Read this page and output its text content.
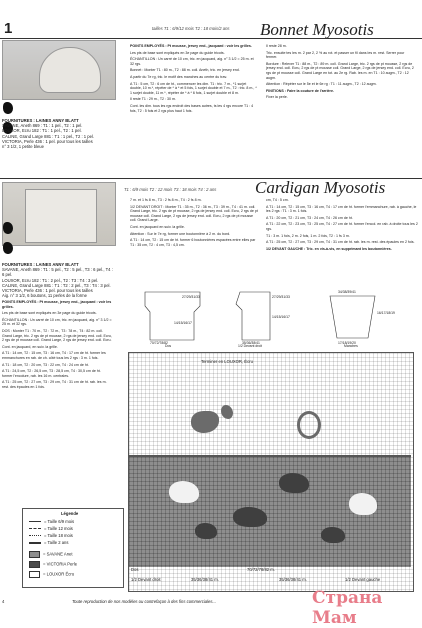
1	tailles T1 : 6/9/12 mois T2 : 18 mois/2 ans Bonnet Myosotis
FOURNITURES : LAINES ANNY BLATT
SAVANE, Aneth 869 : T1 : 1 pel., T2 : 1 pel.
LOUXOR, Ecru 182 : T1 : 1 pel., T2 : 1 pel.
CALINE, Grand Large 881 : T1 : 1 pel., T2 : 1 pel.
VICTORIA, Perle 436 : 1 pel. pour tous les tailles
n° 3 1/2, 1 petite bleue

POINTS EMPLOYÉS : Pt mousse, jersey end., jacquard : voir les grilles.

Les pts de base sont expliqués en 3e page du guide tricots.

ÉCHANTILLON : Un carré de 10 cm, tric. en jacquard, aig. n° 3 1/2 = 25 m. et 32 rgs.

Bonnet : Monter T1 : 80 m., T2 : 88 m. coll. Aneth, tric. en jersey end.

A partir du 7e rg, tric. le motif des manches au centre du trav.

A T1 : 5 cm, T2 : 6 cm de ht., commencer les dim. T1 : tric. 7 m., *1 surjet double, 10 m.*, répéter de * à * et 5 fois, 1 surjet double et 7 m., T2 : tric. 8 m., * 1 surjet double, 11 m.*, répéter de * à * 6 fois, 1 surjet double et 8 m.

Il reste T1 : 29 m., T2 : 30 m.

Cont. les dim. tous les rgs endroit des bases autres, ts les 4 rgs encore T1 : 4 fois, T2 : 5 fois et 2 rgs plus haut 1 fois.

Il reste 28 m.

Tric. ensuite tes les m. 2 par 2, 2 % au rot. et passer un fil dans les m. rest. Serrer pour fermer.

Bordure : Relever T1 : 88 m., T2 : 89 m. coll. Grand Large, tric. 2 rgs de pt mousse, 2 rgs de jersey end. coll. Ecru, 2 rgs de pt mousse coll. Grand Large, 2 rgs de jersey end. coll. Ecru, 2 rgs de pt mousse coll. Grand Large en tot. au 2e rg. Rab. les m. en T1 : 10 augm., T2 : 12 augm.

Attention : Répéter sur le 5e et le 6e rg : T1 : 11 augm., T2 : 12 augm.

FINITIONS : Faire la couture de l'arrière.

Fixer la perle.

T1 : 6/9 mois T2 : 12 mois T3 : 18 mois T4 : 2 ans Cardigan Myosotis
FOURNITURES : LAINES ANNY BLATT
SAVANE, Aneth 869 : T1 : 5 pel., T2 : 5 pel., T3 : 6 pel., T4 : 6 pel.
LOUXOR, Ecru 182 : T1 : 2 pel., T2 : T3 : T4 : 3 pel.
CALINE, Grand Large 881 : T1 : T2 : 2 pel., T3 : T4 : 3 pel.
VICTORIA, Perle 436 : 1 pel. pour tous les tailles
Aig. n° 3 1/2, 6 boutons, 11 perles de la forme

POINTS EMPLOYÉS : Pt mousse, jersey end., jacquard : voir les grilles.

Les pts de base sont expliqués en 3e page du guide tricots.

ÉCHANTILLON : Un carré de 10 cm, tric. en jacquard, aig. n° 3 1/2 = 25 m. et 32 rgs.

DOS : Monter T1 : 70 m., T2 : 72 m., T3 : 78 m., T4 : 82 m. coll. Grand Large, tric. 2 rgs de pt mousse, 2 rgs de jersey end. coll. Ecru, 2 rgs de pt mousse coll. Grand Large, 2 rgs de jersey end. coll. Ecru.

Cont. en jacquard, en suiv. la grille.

A T1 : 14 cm, T2 : 15 cm, T3 : 16 cm, T4 : 17 cm de ht. former les emmanchures en rab. de ch. côté tous les 2 rgs : 3 m. 1 fois.

A T1 : 18 cm, T2 : 20 cm, T3 : 22 cm, T4 : 24 cm de ht.

A T1 : 24,5 cm, T2 : 26,5 cm, T3 : 28,5 cm, T4 : 30,5 cm de ht. former l'encolure, rab. les 16 m. centrales.

A T1 : 25 cm, T2 : 27 cm, T3 : 29 cm, T4 : 31 cm de ht. rab. les m. rest. des épaules en 1 fois.

7 m. et 1 fs 8 m., T3 : 2 fs 8 m., T4 : 2 fs 8 m.

1/2 DEVANT DROIT : Monter T1 : 35 m., T2 : 36 m., T3 : 39 m., T4 : 41 m. coll. Grand Large, tric. 2 rgs de pt mousse, 2 rgs de jersey end. coll. Ecru, 2 rgs de pt mousse coll. Grand Large, 2 rgs de jersey end. coll. Ecru, 2 rgs de pt mousse coll. Grand Large.

Cont. en jacquard en suiv. la grille.

Attention : Sur le 7e rg, former une boutonnière à 2 m. du bord.

A T1 : 14 cm, T2 : 15 cm de ht. former 6 boutonnières espacées entre elles par T1 : 35 cm, T2 : 4 cm, T3 : 4,5 cm.

cm, T4 : 5 cm.

A T1 : 14 cm, T2 : 15 cm, T3 : 16 cm, T4 : 17 cm de ht. former l'emmanchure, rab. à gauche, le les 2 rgs : T1 : 3 m. 1 fois.

A T1 : 20 cm, T2 : 21 cm, T3 : 24 cm, T4 : 26 cm de ht.

A T1 : 22 cm, T2 : 23 cm, T3 : 25 cm, T4 : 27 cm de ht. former l'encol. en rab. à droite tous les 2 rgs.

T1 : 3 m. 1 fois, 2 m. 2 fois, 1 m. 2 fois, T2 : 1 fs 3 m.

A T1 : 25 cm, T2 : 27 cm, T3 : 29 cm, T4 : 31 cm de ht. rab. les m. rest. des épaules en 2 fois.

1/2 DEVANT GAUCHE : Tric. en vis-à-vis, en supprimant les boutonnières.

Dos
27/29/31/33
14/15/16/17
70/72/78/82
1/2 Devant droit
27/29/31/33
14/15/16/17
35/36/38/41
Manches
34/38/39/41
16/17/18/19
17/18/19/20
Terminer en LOUXOR, Écru
Dos	70/72/78/82 m.
1/2 Devant droit	35/36/38/41 m.	35/36/38/41 m.	1/2 Devant gauche
Légende
= Taille 6/9 mois
= Taille 12 mois
= Taille 18 mois
= Taille 2 ans
= SAVANE Anet
= VICTORIA Perle
= LOUXOR Écru
4	Toute reproduction de nos modèles ou contrefaçon à des fins commerciales...	Страна Мам
